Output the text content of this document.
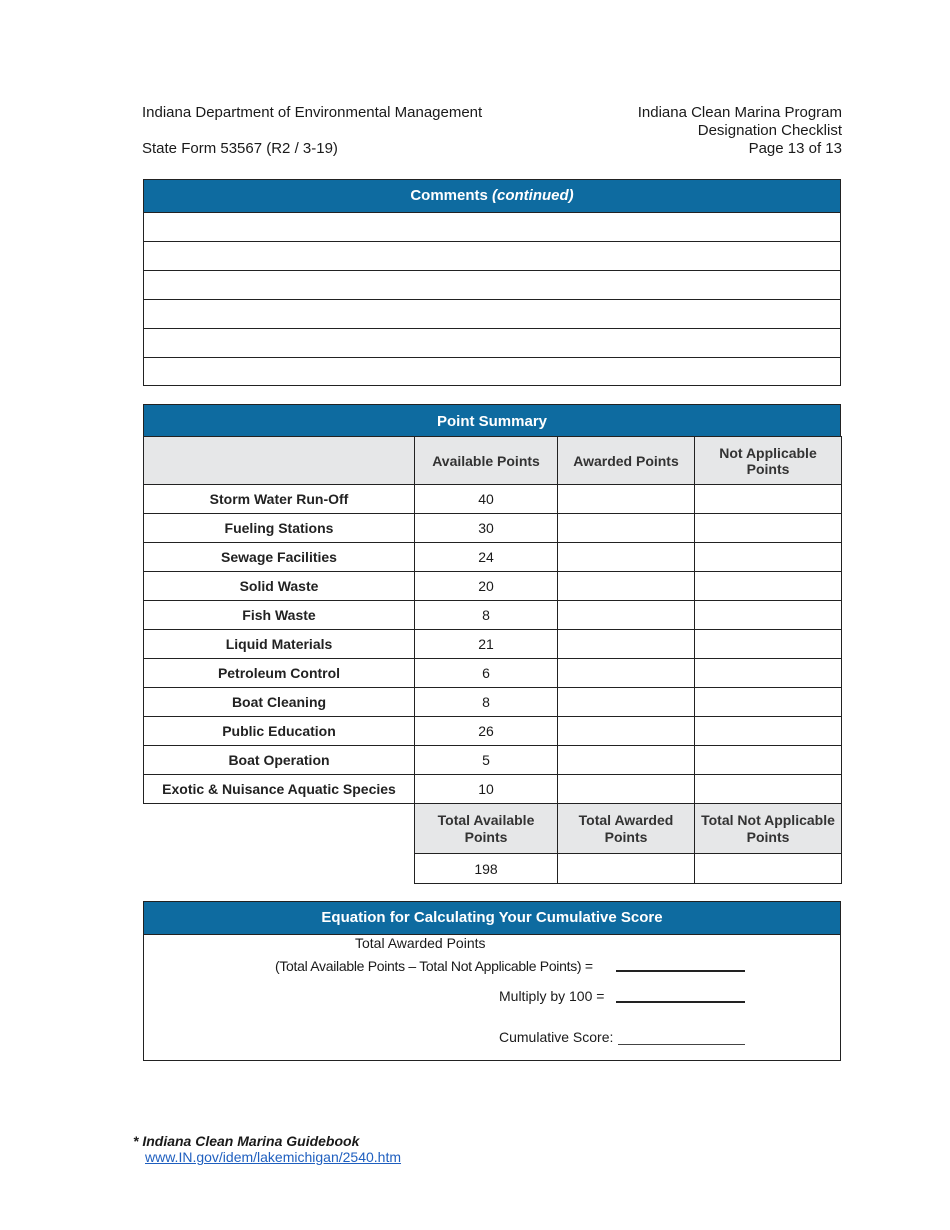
Indiana Department of Environmental Management
State Form 53567 (R2 / 3-19)
Indiana Clean Marina Program
Designation Checklist
Page 13 of 13
Comments (continued)
Point Summary
	Available Points	Awarded Points	Not Applicable Points
Storm Water Run-Off	40		
Fueling Stations	30		
Sewage Facilities	24		
Solid Waste	20		
Fish Waste	8		
Liquid Materials	21		
Petroleum Control	6		
Boat Cleaning	8		
Public Education	26		
Boat Operation	5		
Exotic & Nuisance Aquatic Species	10		
	Total Available Points	Total Awarded Points	Total Not Applicable Points
	198		
Equation for Calculating Your Cumulative Score
Total Awarded Points
(Total Available Points – Total Not Applicable Points) =
Multiply by 100 =
Cumulative Score:
* Indiana Clean Marina Guidebook
www.IN.gov/idem/lakemichigan/2540.htm
